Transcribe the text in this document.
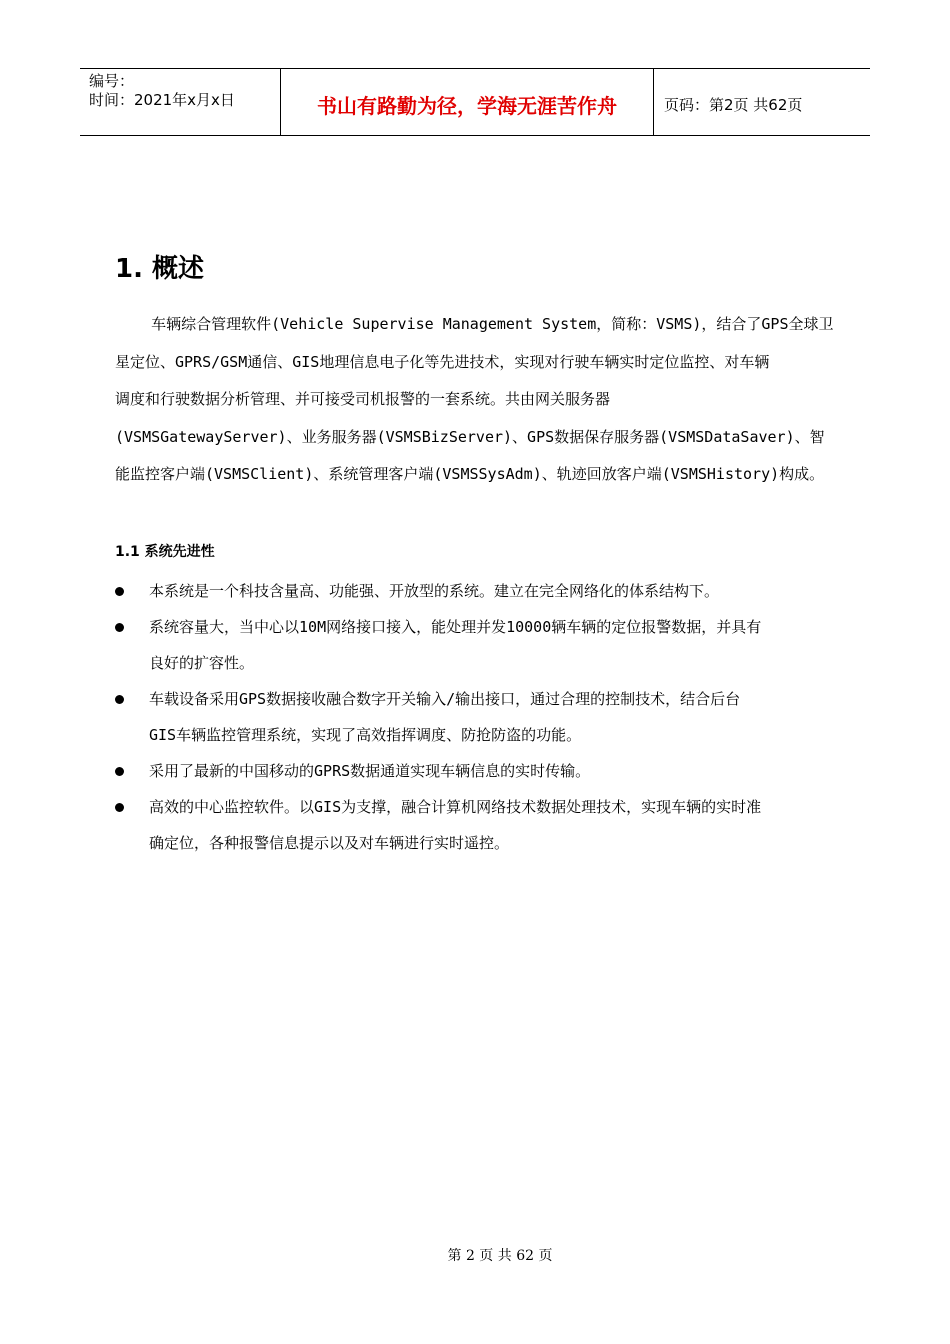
编号：
时间：2021年x月x日	书山有路勤为径，学海无涯苦作舟	页码：第2页 共62页
1. 概述
车辆综合管理软件(Vehicle Supervise Management System，简称：VSMS)，结合了GPS全球卫
星定位、GPRS/GSM通信、GIS地理信息电子化等先进技术，实现对行驶车辆实时定位监控、对车辆
调度和行驶数据分析管理、并可接受司机报警的一套系统。共由网关服务器
(VSMSGatewayServer)、业务服务器(VSMSBizServer)、GPS数据保存服务器(VSMSDataSaver)、智
能监控客户端(VSMSClient)、系统管理客户端(VSMSSysAdm)、轨迹回放客户端(VSMSHistory)构成。
1.1 系统先进性
本系统是一个科技含量高、功能强、开放型的系统。建立在完全网络化的体系结构下。
系统容量大，当中心以10M网络接口接入，能处理并发10000辆车辆的定位报警数据，并具有
良好的扩容性。
车载设备采用GPS数据接收融合数字开关输入/输出接口，通过合理的控制技术，结合后台
GIS车辆监控管理系统，实现了高效指挥调度、防抢防盗的功能。
采用了最新的中国移动的GPRS数据通道实现车辆信息的实时传输。
高效的中心监控软件。以GIS为支撑，融合计算机网络技术数据处理技术，实现车辆的实时准
确定位，各种报警信息提示以及对车辆进行实时遥控。
第 2 页 共 62 页
